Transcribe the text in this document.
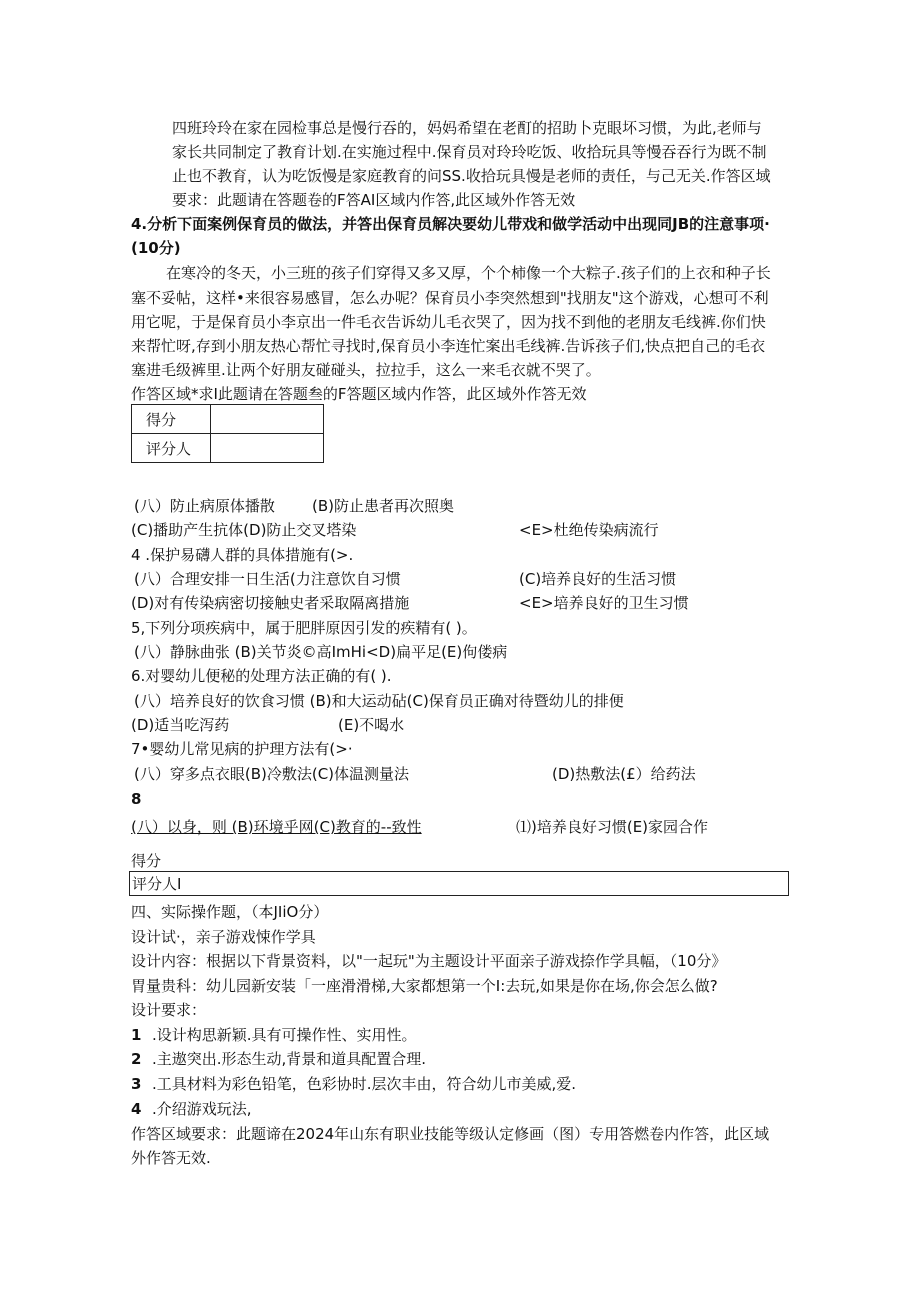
四班玲玲在家在园检事总是慢行吞的，妈妈希望在老酊的招助卜克眼坏习惯，为此,老师与
家长共同制定了教育计划.在实施过程中.保育员对玲玲吃饭、收拾玩具等慢吞吞行为既不制
止也不教育，认为吃饭慢是家庭教育的问SS.收拾玩具慢是老师的责任，与己无关.作答区域
要求：此题请在答题卷的F答AI区域内作答,此区域外作答无效
4.分析下面案例保育员的做法，并答出保育员解决要幼儿带戏和做学活动中出现同JB的注意事项·
(10分)
在寒冷的冬天，小三班的孩子们穿得又多又厚，个个柿像一个大粽子.孩子们的上衣和种子长
塞不妥帖，这样•来很容易感冒，怎么办呢？保育员小李突然想到"找朋友"这个游戏，心想可不利
用它呢，于是保育员小李京出一件毛衣告诉幼儿毛衣哭了，因为找不到他的老朋友毛线裤.你们快
来帮忙呀,存到小朋友热心帮忙寻找时,保育员小李连忙案出毛线裤.告诉孩子们,快点把自己的毛衣
塞进毛级裤里.让两个好朋友碰碰头，拉拉手，这么一来毛衣就不哭了。
作答区域*求I此题请在答题叁的F答题区域内作答，此区域外作答无效
得分	
评分人	
(八）防止病原体播散 (B)防止患者再次照奥
(C)播助产生抗体(D)防止交叉塔染	<E>杜绝传染病流行
4 .保护易礴人群的具体措施有(>.
(八）合理安排一日生活(力注意饮自习惯	(C)培养良好的生活习惯
(D)对有传染病密切接触史者采取隔离措施	<E>培养良好的卫生习惯
5,下列分项疾病中，属于肥胖原因引发的疾精有( )。
(八）静脉曲张 (B)关节炎©高ImHi<D)扁平足(E)佝偻病
6.对婴幼儿便秘的处理方法正确的有( ).
(八）培养良好的饮食习惯 (B)和大运动砧(C)保育员正确对待暨幼儿的排便
(D)适当吃泻药	(E)不喝水
7•婴幼儿常见病的护理方法有(>·
(八）穿多点衣眼(B)冷敷法(C)体温测量法	(D)热敷法(£）给药法
8
(八）以身，则 (B)环境乎网(C)教育的--致性	⑴)培养良好习惯(E)家园合作
得分
评分人I
四、实际操作题，（本JIiO分）
设计试·，亲子游戏悚作学具
设计内容：根据以下背景资料，以"一起玩"为主题设计平面亲子游戏捺作学具幅，（10分》
胃量贵科：幼儿园新安装「一座滑滑梯,大家都想第一个I:去玩,如果是你在场,你会怎么做?
设计要求：
1 .设计构思新颖.具有可操作性、实用性。
2 .主遨突出.形态生动,背景和道具配置合理.
3 .工具材料为彩色铅笔，色彩协时.层次丰由，符合幼儿市美威,爱.
4 .介绍游戏玩法,
作答区域要求：此题谛在2024年山东有职业技能等级认定修画（图）专用答燃卷内作答，此区域
外作答无效.
